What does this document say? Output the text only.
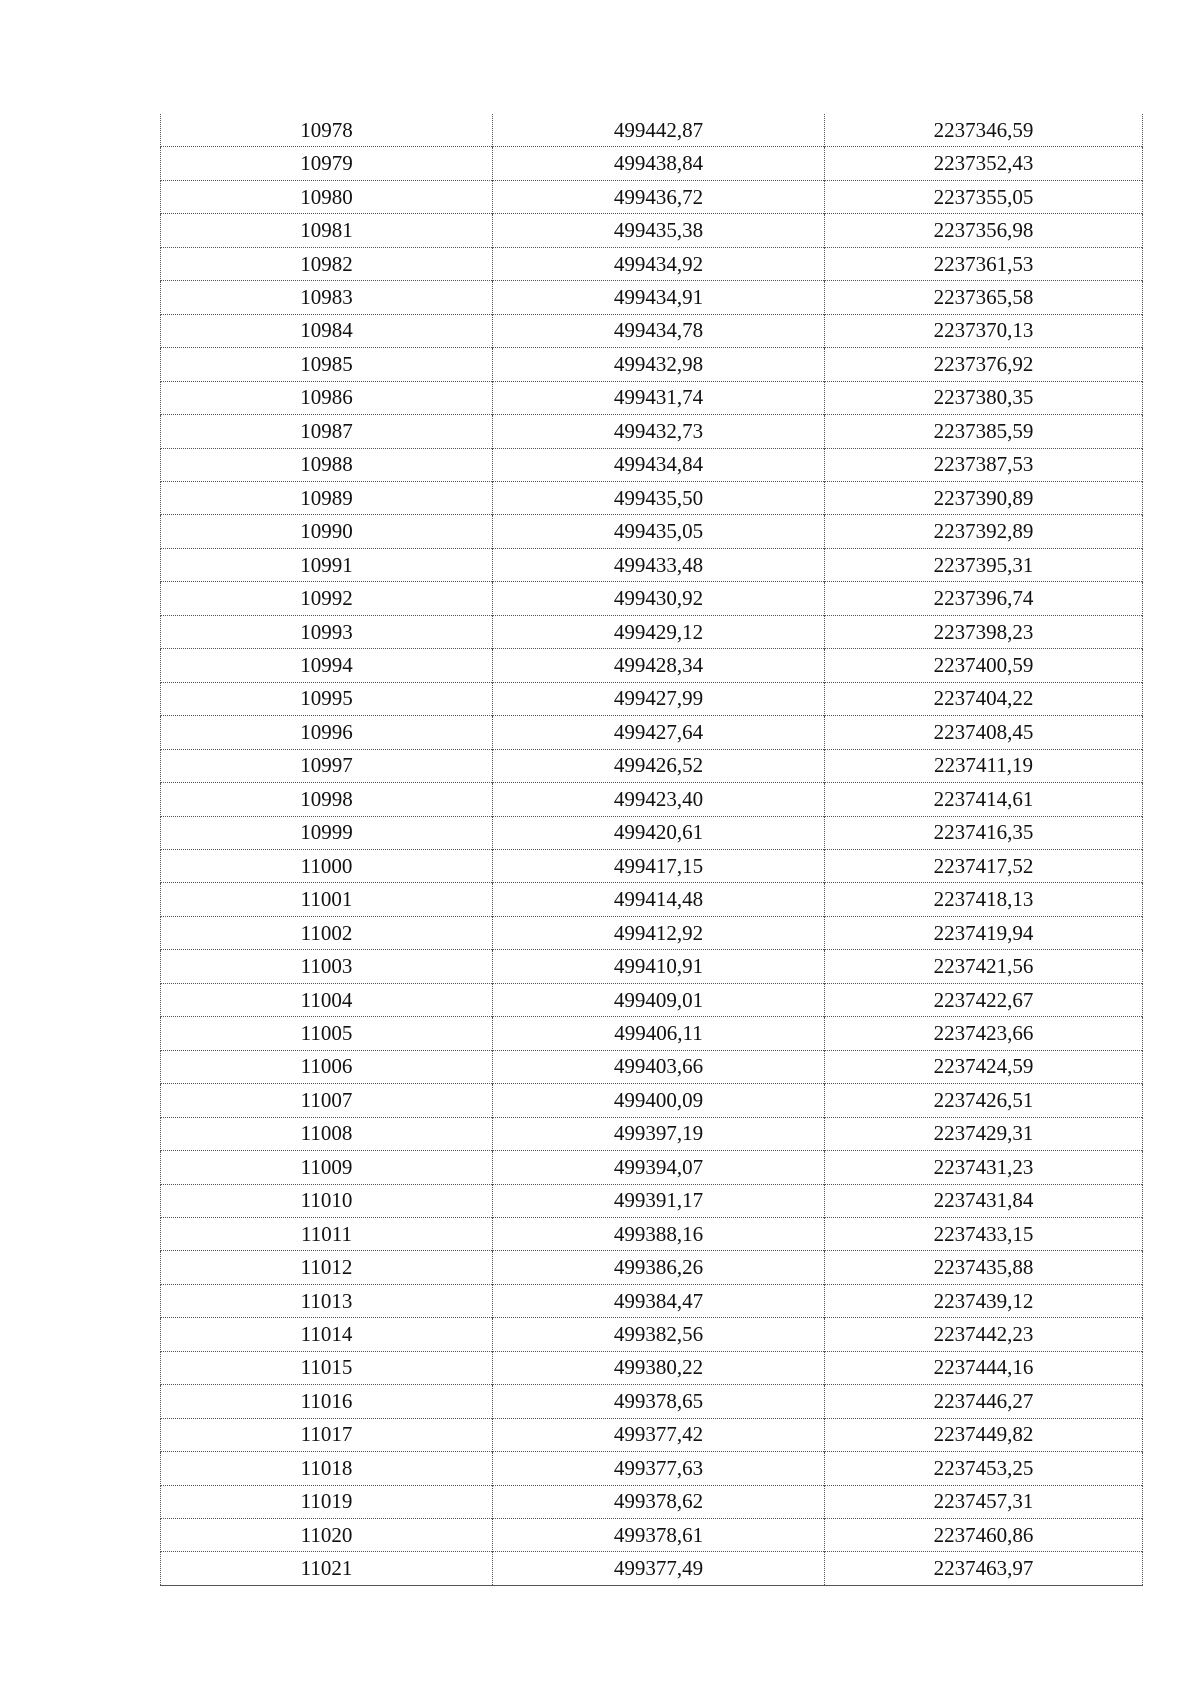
10978	499442,87	2237346,59
10979	499438,84	2237352,43
10980	499436,72	2237355,05
10981	499435,38	2237356,98
10982	499434,92	2237361,53
10983	499434,91	2237365,58
10984	499434,78	2237370,13
10985	499432,98	2237376,92
10986	499431,74	2237380,35
10987	499432,73	2237385,59
10988	499434,84	2237387,53
10989	499435,50	2237390,89
10990	499435,05	2237392,89
10991	499433,48	2237395,31
10992	499430,92	2237396,74
10993	499429,12	2237398,23
10994	499428,34	2237400,59
10995	499427,99	2237404,22
10996	499427,64	2237408,45
10997	499426,52	2237411,19
10998	499423,40	2237414,61
10999	499420,61	2237416,35
11000	499417,15	2237417,52
11001	499414,48	2237418,13
11002	499412,92	2237419,94
11003	499410,91	2237421,56
11004	499409,01	2237422,67
11005	499406,11	2237423,66
11006	499403,66	2237424,59
11007	499400,09	2237426,51
11008	499397,19	2237429,31
11009	499394,07	2237431,23
11010	499391,17	2237431,84
11011	499388,16	2237433,15
11012	499386,26	2237435,88
11013	499384,47	2237439,12
11014	499382,56	2237442,23
11015	499380,22	2237444,16
11016	499378,65	2237446,27
11017	499377,42	2237449,82
11018	499377,63	2237453,25
11019	499378,62	2237457,31
11020	499378,61	2237460,86
11021	499377,49	2237463,97
